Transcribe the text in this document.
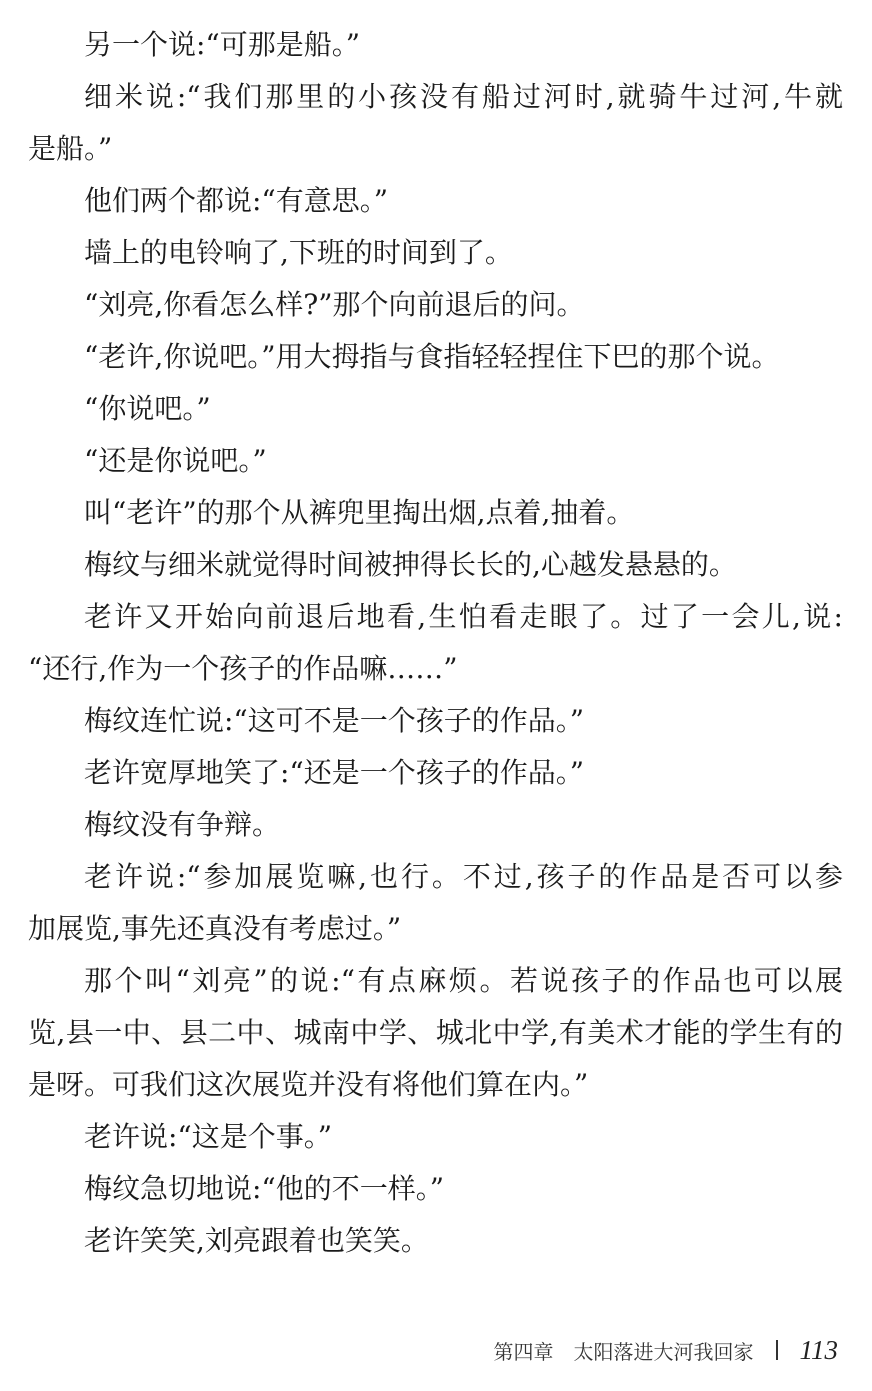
另一个说:“可那是船。”
细米说:“我们那里的小孩没有船过河时,就骑牛过河,牛就
是船。”
他们两个都说:“有意思。”
墙上的电铃响了,下班的时间到了。
“刘亮,你看怎么样?”那个向前退后的问。
“老许,你说吧。”用大拇指与食指轻轻捏住下巴的那个说。
“你说吧。”
“还是你说吧。”
叫“老许”的那个从裤兜里掏出烟,点着,抽着。
梅纹与细米就觉得时间被抻得长长的,心越发悬悬的。
老许又开始向前退后地看,生怕看走眼了。过了一会儿,说:
“还行,作为一个孩子的作品嘛……”
梅纹连忙说:“这可不是一个孩子的作品。”
老许宽厚地笑了:“还是一个孩子的作品。”
梅纹没有争辩。
老许说:“参加展览嘛,也行。不过,孩子的作品是否可以参
加展览,事先还真没有考虑过。”
那个叫“刘亮”的说:“有点麻烦。若说孩子的作品也可以展
览,县一中、县二中、城南中学、城北中学,有美术才能的学生有的
是呀。可我们这次展览并没有将他们算在内。”
老许说:“这是个事。”
梅纹急切地说:“他的不一样。”
老许笑笑,刘亮跟着也笑笑。
第四章　太阳落进大河我回家 113
